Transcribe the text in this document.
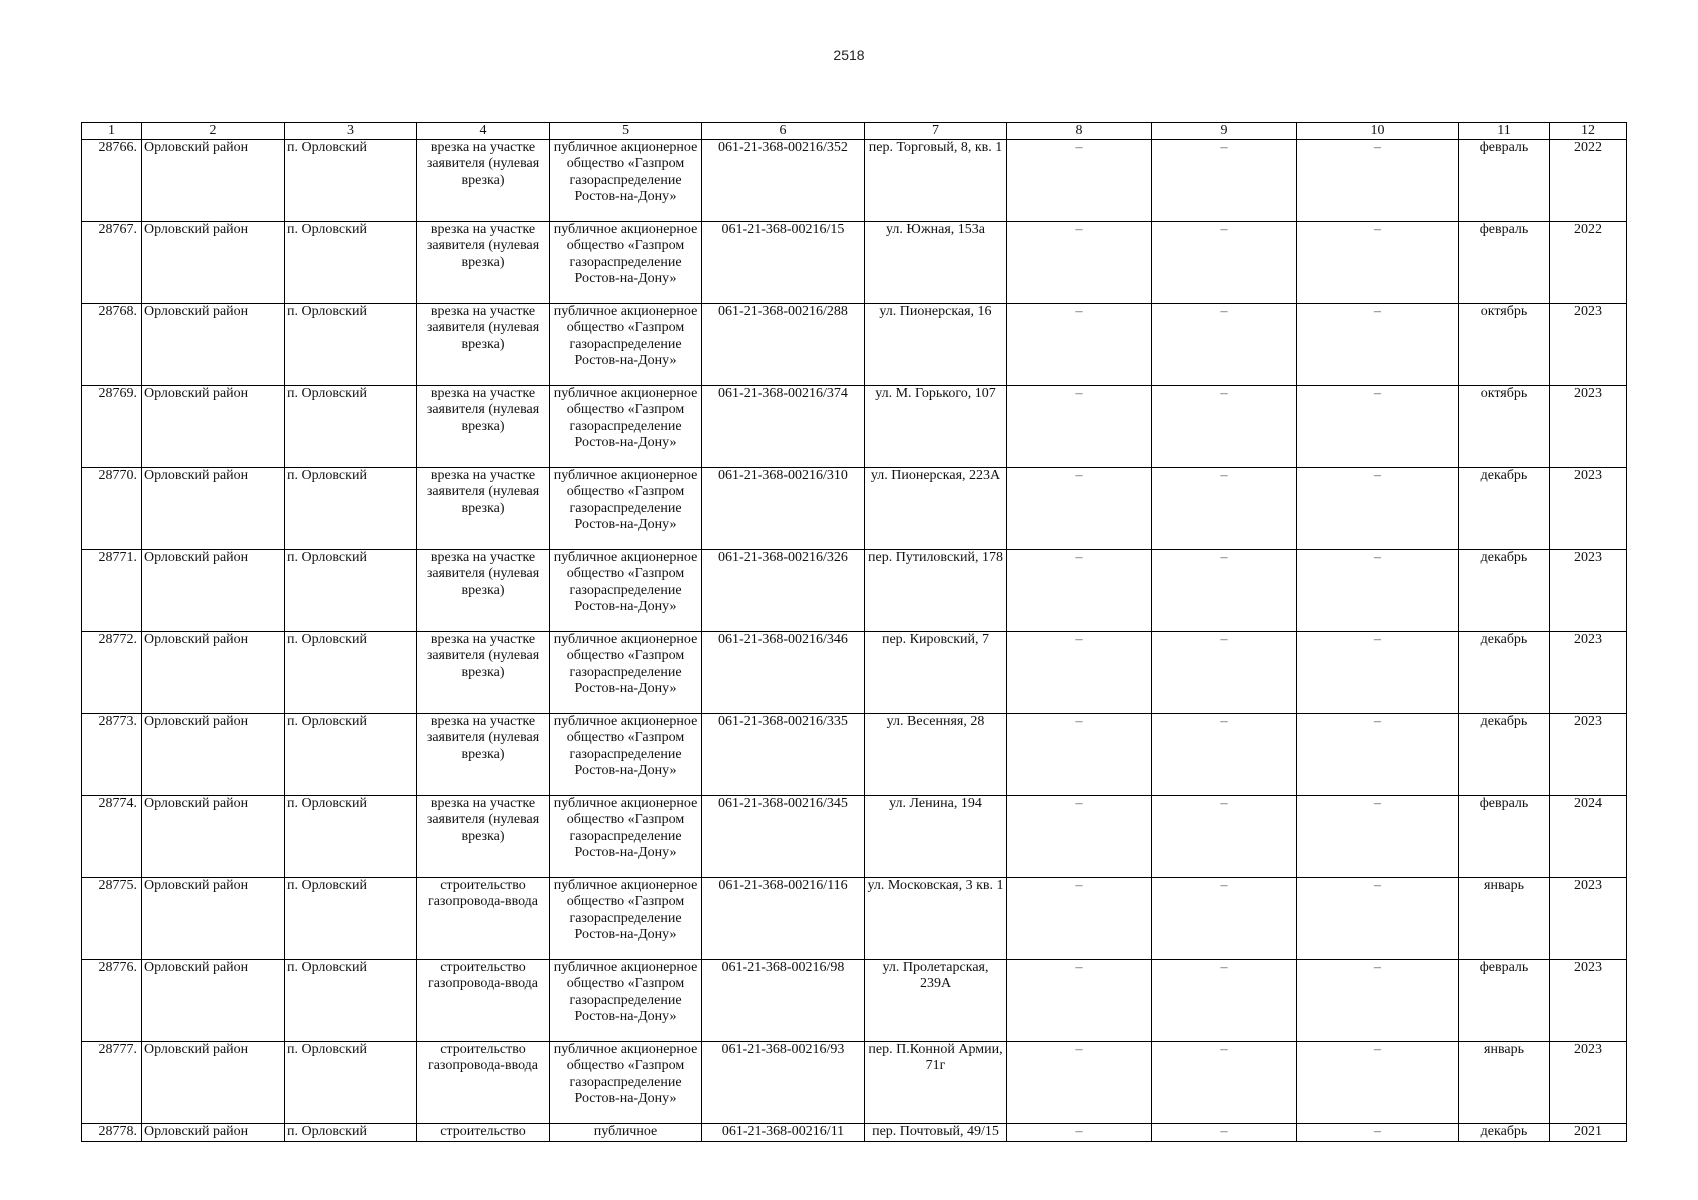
2518
1	2	3	4	5	6	7	8	9	10	11	12
28766.	Орловский район	п. Орловский	врезка на участке заявителя (нулевая врезка)	публичное акционерное общество «Газпром газораспределение Ростов-на-Дону»	061-21-368-00216/352	пер. Торговый, 8, кв. 1	–	–	–	февраль	2022
28767.	Орловский район	п. Орловский	врезка на участке заявителя (нулевая врезка)	публичное акционерное общество «Газпром газораспределение Ростов-на-Дону»	061-21-368-00216/15	ул. Южная, 153а	–	–	–	февраль	2022
28768.	Орловский район	п. Орловский	врезка на участке заявителя (нулевая врезка)	публичное акционерное общество «Газпром газораспределение Ростов-на-Дону»	061-21-368-00216/288	ул. Пионерская, 16	–	–	–	октябрь	2023
28769.	Орловский район	п. Орловский	врезка на участке заявителя (нулевая врезка)	публичное акционерное общество «Газпром газораспределение Ростов-на-Дону»	061-21-368-00216/374	ул. М. Горького, 107	–	–	–	октябрь	2023
28770.	Орловский район	п. Орловский	врезка на участке заявителя (нулевая врезка)	публичное акционерное общество «Газпром газораспределение Ростов-на-Дону»	061-21-368-00216/310	ул. Пионерская, 223А	–	–	–	декабрь	2023
28771.	Орловский район	п. Орловский	врезка на участке заявителя (нулевая врезка)	публичное акционерное общество «Газпром газораспределение Ростов-на-Дону»	061-21-368-00216/326	пер. Путиловский, 178	–	–	–	декабрь	2023
28772.	Орловский район	п. Орловский	врезка на участке заявителя (нулевая врезка)	публичное акционерное общество «Газпром газораспределение Ростов-на-Дону»	061-21-368-00216/346	пер. Кировский, 7	–	–	–	декабрь	2023
28773.	Орловский район	п. Орловский	врезка на участке заявителя (нулевая врезка)	публичное акционерное общество «Газпром газораспределение Ростов-на-Дону»	061-21-368-00216/335	ул. Весенняя, 28	–	–	–	декабрь	2023
28774.	Орловский район	п. Орловский	врезка на участке заявителя (нулевая врезка)	публичное акционерное общество «Газпром газораспределение Ростов-на-Дону»	061-21-368-00216/345	ул. Ленина, 194	–	–	–	февраль	2024
28775.	Орловский район	п. Орловский	строительство газопровода-ввода	публичное акционерное общество «Газпром газораспределение Ростов-на-Дону»	061-21-368-00216/116	ул. Московская, 3 кв. 1	–	–	–	январь	2023
28776.	Орловский район	п. Орловский	строительство газопровода-ввода	публичное акционерное общество «Газпром газораспределение Ростов-на-Дону»	061-21-368-00216/98	ул. Пролетарская, 239А	–	–	–	февраль	2023
28777.	Орловский район	п. Орловский	строительство газопровода-ввода	публичное акционерное общество «Газпром газораспределение Ростов-на-Дону»	061-21-368-00216/93	пер. П.Конной Армии, 71г	–	–	–	январь	2023
28778.	Орловский район	п. Орловский	строительство	публичное	061-21-368-00216/11	пер. Почтовый, 49/15	–	–	–	декабрь	2021
